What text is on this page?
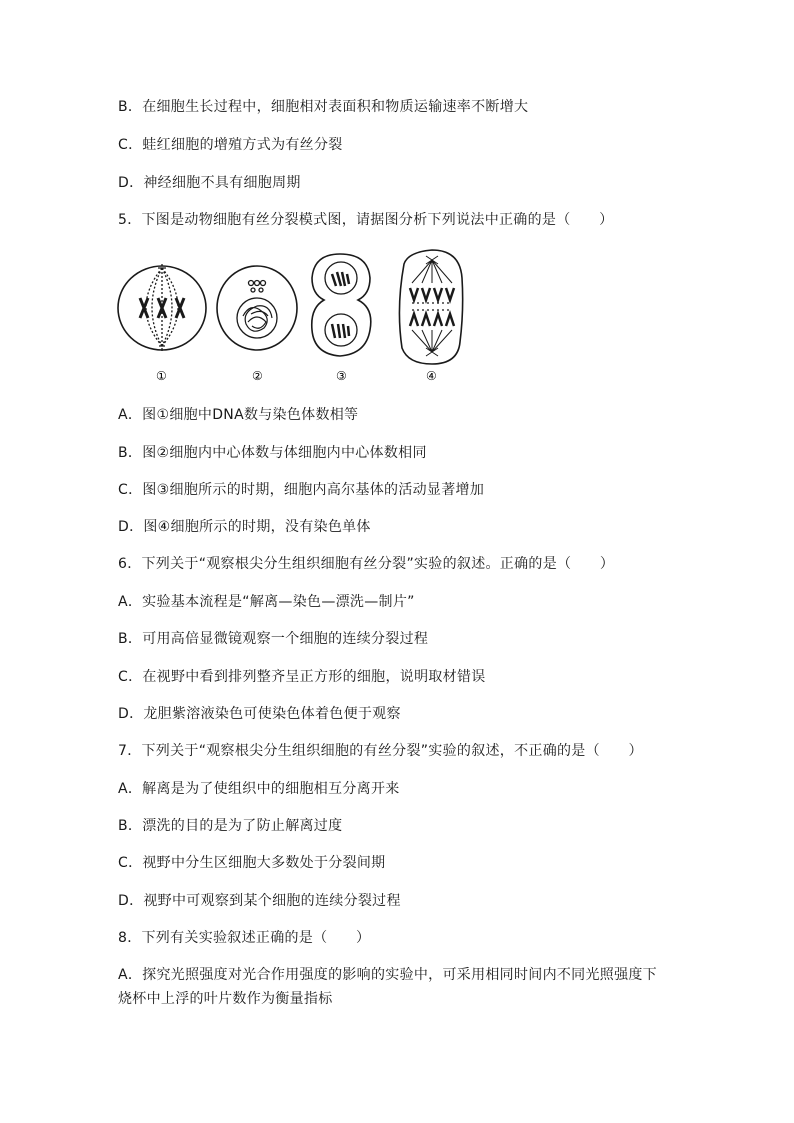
B．在细胞生长过程中，细胞相对表面积和物质运输速率不断增大
C．蛙红细胞的增殖方式为有丝分裂
D．神经细胞不具有细胞周期
5．下图是动物细胞有丝分裂模式图，请据图分析下列说法中正确的是（　　）
①	②	③	④
A．图①细胞中DNA数与染色体数相等
B．图②细胞内中心体数与体细胞内中心体数相同
C．图③细胞所示的时期，细胞内高尔基体的活动显著增加
D．图④细胞所示的时期，没有染色单体
6．下列关于“观察根尖分生组织细胞有丝分裂”实验的叙述。正确的是（　　）
A．实验基本流程是“解离—染色—漂洗—制片”
B．可用高倍显微镜观察一个细胞的连续分裂过程
C．在视野中看到排列整齐呈正方形的细胞，说明取材错误
D．龙胆紫溶液染色可使染色体着色便于观察
7．下列关于“观察根尖分生组织细胞的有丝分裂”实验的叙述，不正确的是（　　）
A．解离是为了使组织中的细胞相互分离开来
B．漂洗的目的是为了防止解离过度
C．视野中分生区细胞大多数处于分裂间期
D．视野中可观察到某个细胞的连续分裂过程
8．下列有关实验叙述正确的是（　　）
A．探究光照强度对光合作用强度的影响的实验中，可采用相同时间内不同光照强度下
烧杯中上浮的叶片数作为衡量指标
